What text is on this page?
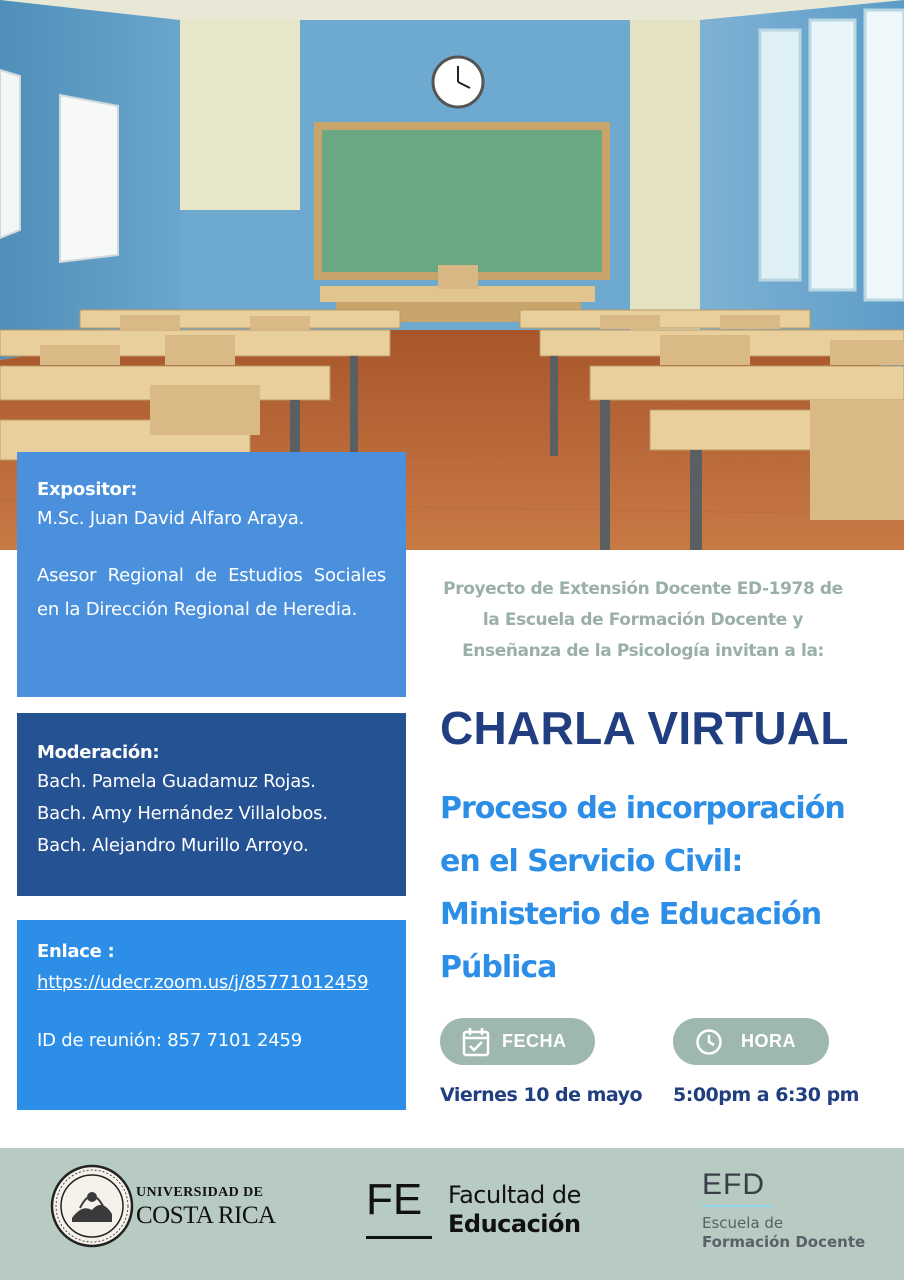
Expositor:
M.Sc. Juan David Alfaro Araya.
Asesor Regional de Estudios Sociales en la Dirección Regional de Heredia.
Moderación:
Bach. Pamela Guadamuz Rojas.
Bach. Amy Hernández Villalobos.
Bach. Alejandro Murillo Arroyo.
Enlace :
https://udecr.zoom.us/j/85771012459
ID de reunión: 857 7101 2459
Proyecto de Extensión Docente ED-1978 de
la Escuela de Formación Docente y
Enseñanza de la Psicología invitan a la:
CHARLA VIRTUAL
Proceso de incorporación
en el Servicio Civil:
Ministerio de Educación
Pública
FECHA	HORA
Viernes 10 de mayo 5:00pm a 6:30 pm
UNIVERSIDAD DE
COSTA RICA FE Facultad de
Educación
EFD
Escuela de
Formación Docente
